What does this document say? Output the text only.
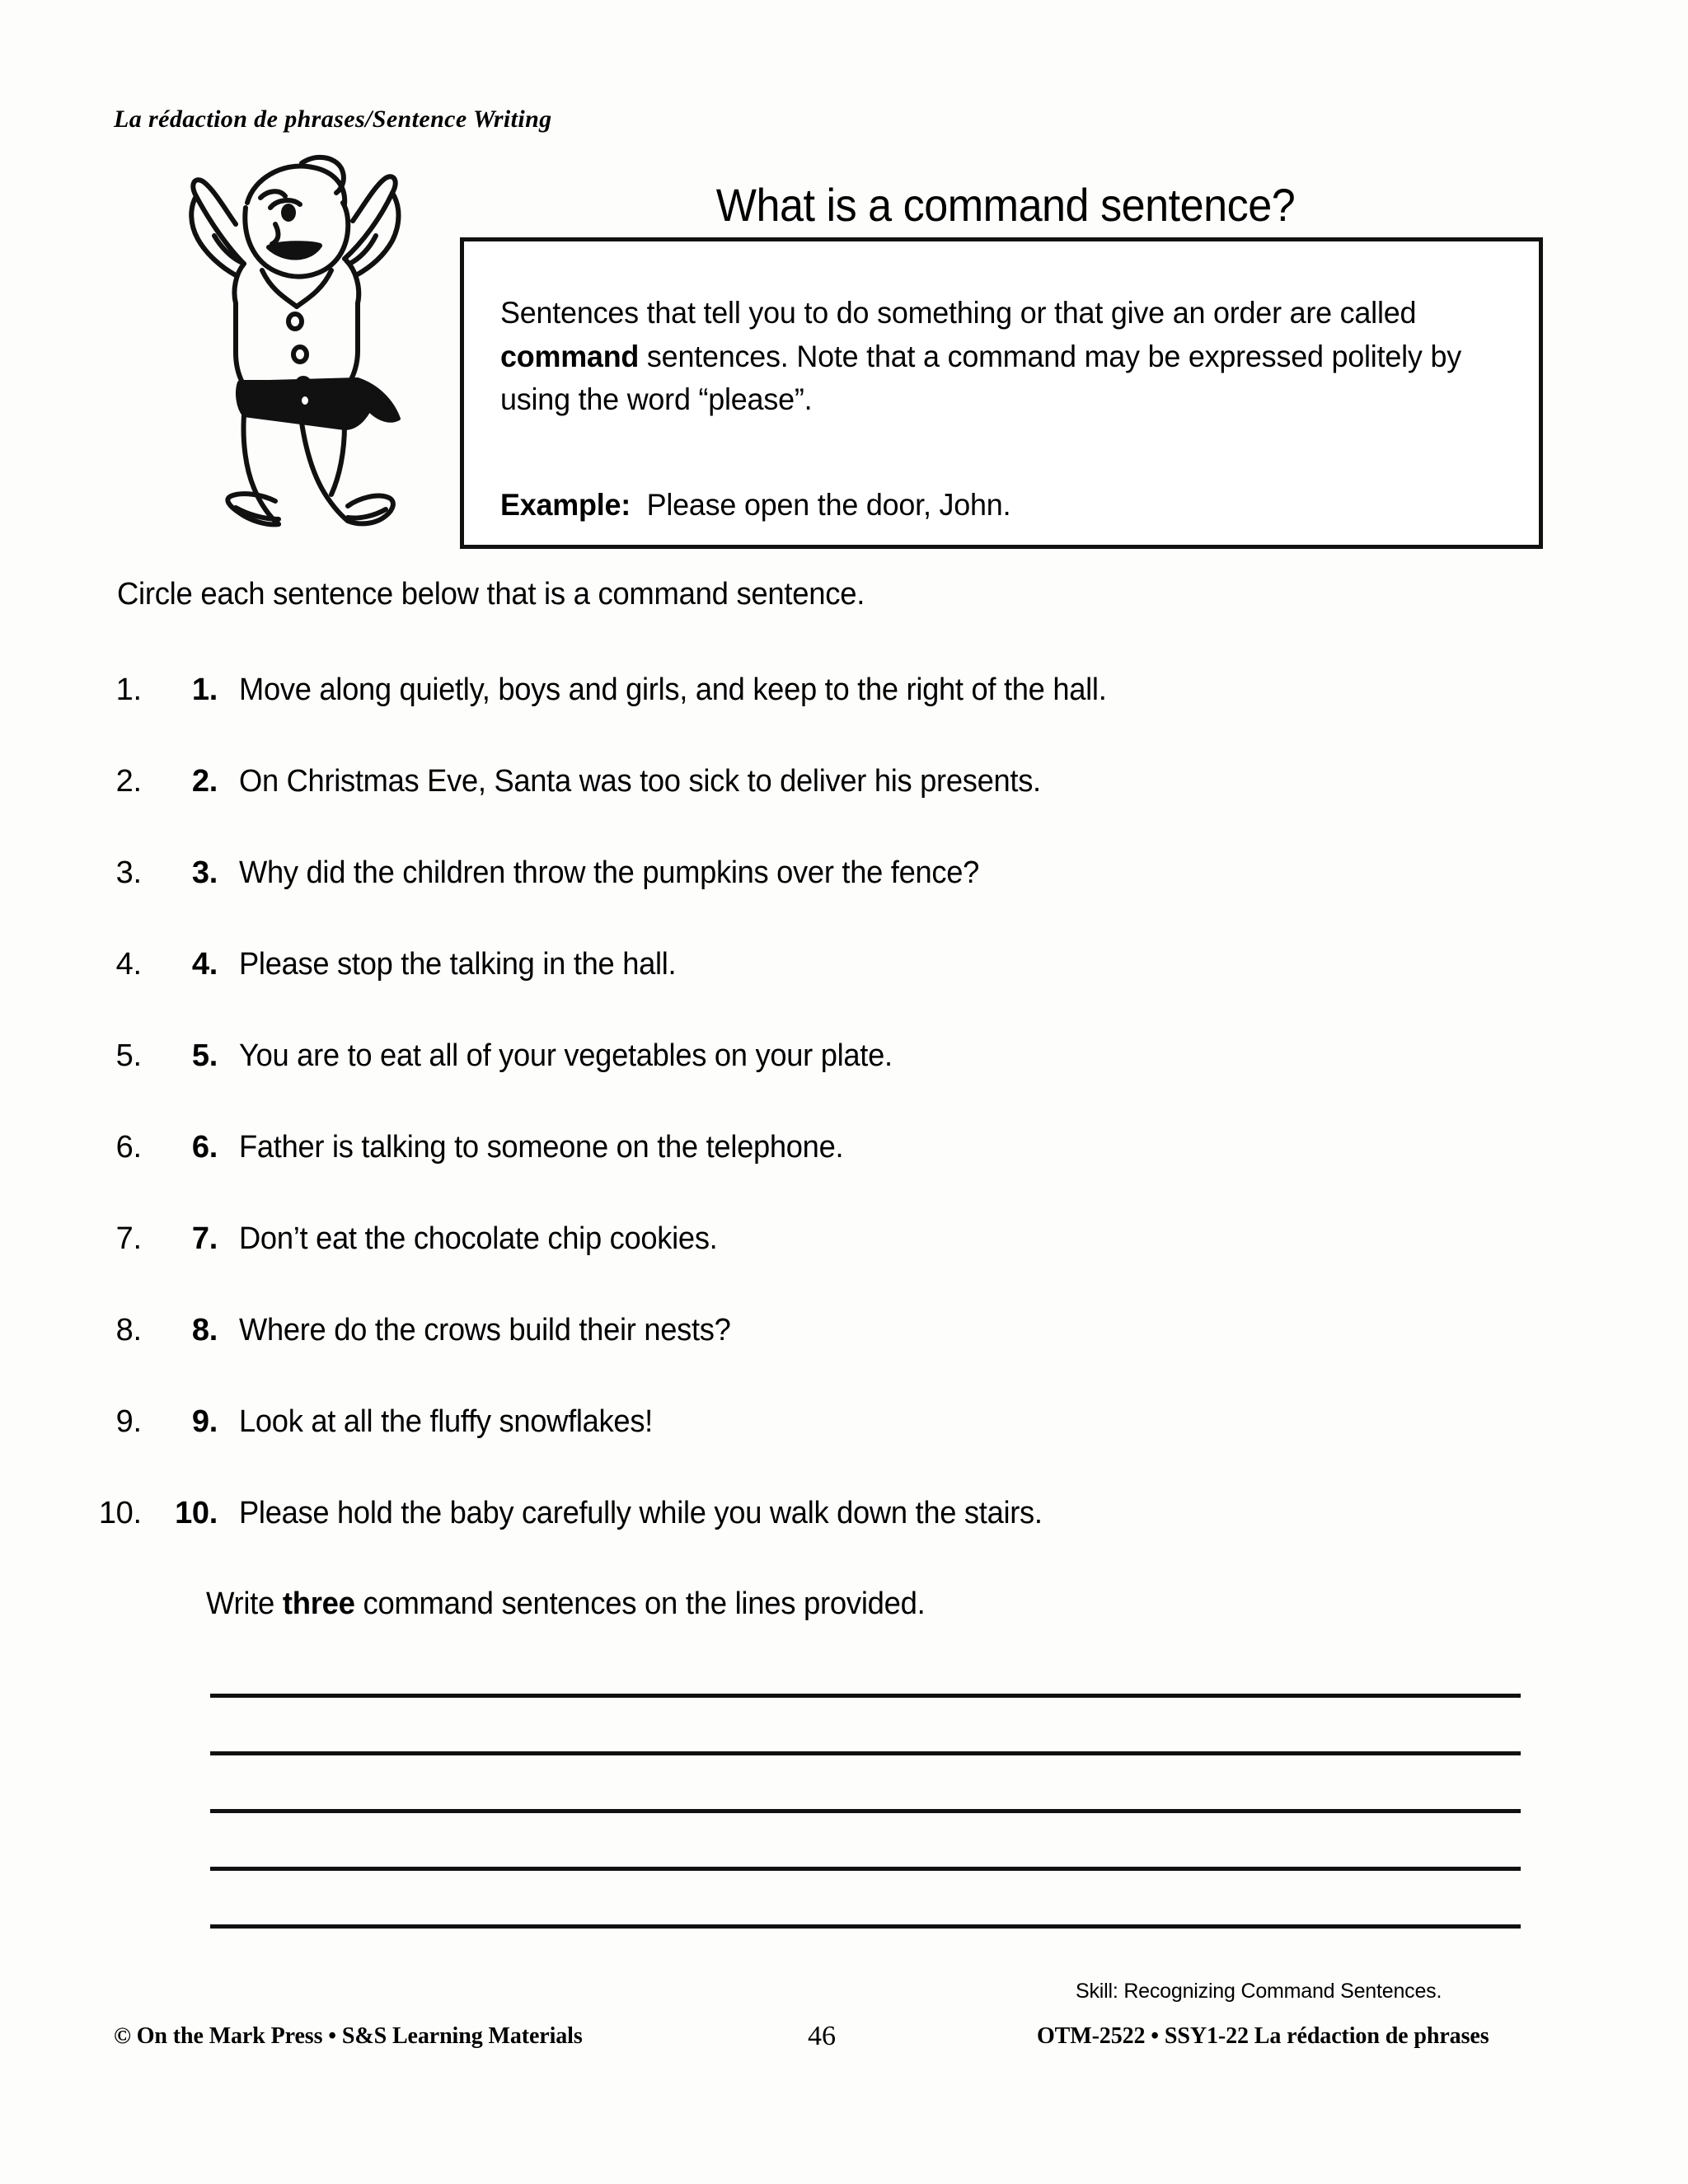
La rédaction de phrases/Sentence Writing
What is a command sentence?

Sentences that tell you to do something or that give an order are called command sentences. Note that a command may be expressed politely by using the word “please”.

Example: Please open the door, John.

Circle each sentence below that is a command sentence.
1. 1. Move along quietly, boys and girls, and keep to the right of the hall.
2. 2. On Christmas Eve, Santa was too sick to deliver his presents.
3. 3. Why did the children throw the pumpkins over the fence?
4. 4. Please stop the talking in the hall.
5. 5. You are to eat all of your vegetables on your plate.
6. 6. Father is talking to someone on the telephone.
7. 7. Don’t eat the chocolate chip cookies.
8. 8. Where do the crows build their nests?
9. 9. Look at all the fluffy snowflakes!
10. 10. Please hold the baby carefully while you walk down the stairs.
Write three command sentences on the lines provided.
Skill: Recognizing Command Sentences.
© On the Mark Press • S&S Learning Materials	46	OTM-2522 • SSY1-22 La rédaction de phrases
